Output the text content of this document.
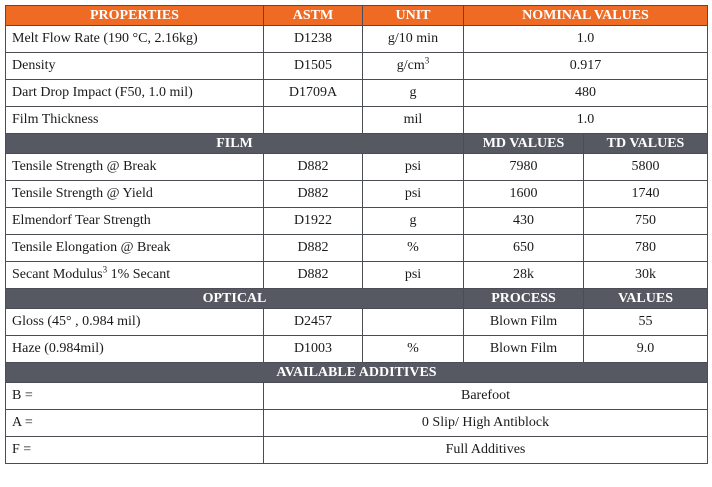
PROPERTIES	ASTM	UNIT	NOMINAL VALUES	
Melt Flow Rate (190 °C, 2.16kg)	D1238	g/10 min	1.0	
Density	D1505	$g/cm^3$	0.917	
Dart Drop Impact (F50, 1.0 mil)	D1709A	g	480	
Film Thickness		mil	1.0	
FILM			MD VALUES	TD VALUES
Tensile Strength @ Break	D882	psi	7980	5800
Tensile Strength @ Yield	D882	psi	1600	1740
Elmendorf Tear Strength	D1922	g	430	750
Tensile Elongation @ Break	D882	%	650	780
Secant Modulus$^3$ 1% Secant	D882	psi	28k	30k
OPTICAL			PROCESS	VALUES
Gloss (45° , 0.984 mil)	D2457		Blown Film	55
Haze (0.984mil)	D1003	%	Blown Film	9.0
AVAILABLE ADDITIVES				
B =	Barefoot			
A =	0 Slip/ High Antiblock			
F =	Full Additives			
